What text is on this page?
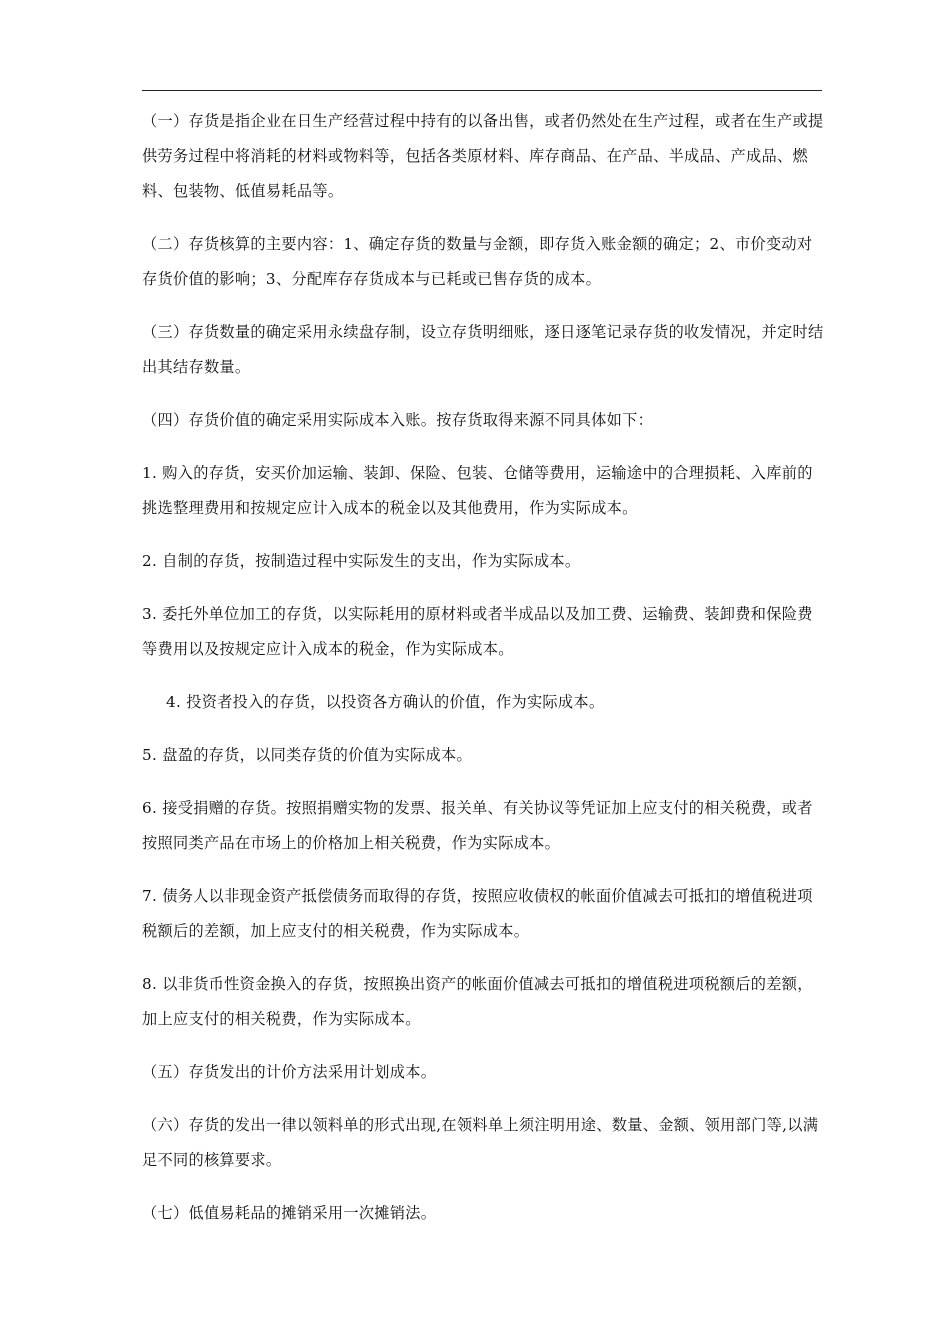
（一）存货是指企业在日生产经营过程中持有的以备出售，或者仍然处在生产过程，或者在生产或提供劳务过程中将消耗的材料或物料等，包括各类原材料、库存商品、在产品、半成品、产成品、燃料、包装物、低值易耗品等。

（二）存货核算的主要内容：1、确定存货的数量与金额，即存货入账金额的确定；2、市价变动对存货价值的影响；3、分配库存存货成本与已耗或已售存货的成本。

（三）存货数量的确定采用永续盘存制，设立存货明细账，逐日逐笔记录存货的收发情况，并定时结出其结存数量。

（四）存货价值的确定采用实际成本入账。按存货取得来源不同具体如下：

1. 购入的存货，安买价加运输、装卸、保险、包装、仓储等费用，运输途中的合理损耗、入库前的挑选整理费用和按规定应计入成本的税金以及其他费用，作为实际成本。

2. 自制的存货，按制造过程中实际发生的支出，作为实际成本。

3. 委托外单位加工的存货，以实际耗用的原材料或者半成品以及加工费、运输费、装卸费和保险费等费用以及按规定应计入成本的税金，作为实际成本。

4. 投资者投入的存货，以投资各方确认的价值，作为实际成本。

5. 盘盈的存货，以同类存货的价值为实际成本。

6. 接受捐赠的存货。按照捐赠实物的发票、报关单、有关协议等凭证加上应支付的相关税费，或者按照同类产品在市场上的价格加上相关税费，作为实际成本。

7. 债务人以非现金资产抵偿债务而取得的存货，按照应收债权的帐面价值减去可抵扣的增值税进项税额后的差额，加上应支付的相关税费，作为实际成本。

8. 以非货币性资金换入的存货，按照换出资产的帐面价值减去可抵扣的增值税进项税额后的差额，加上应支付的相关税费，作为实际成本。

（五）存货发出的计价方法采用计划成本。

（六）存货的发出一律以领料单的形式出现,在领料单上须注明用途、数量、金额、领用部门等,以满足不同的核算要求。

（七）低值易耗品的摊销采用一次摊销法。
